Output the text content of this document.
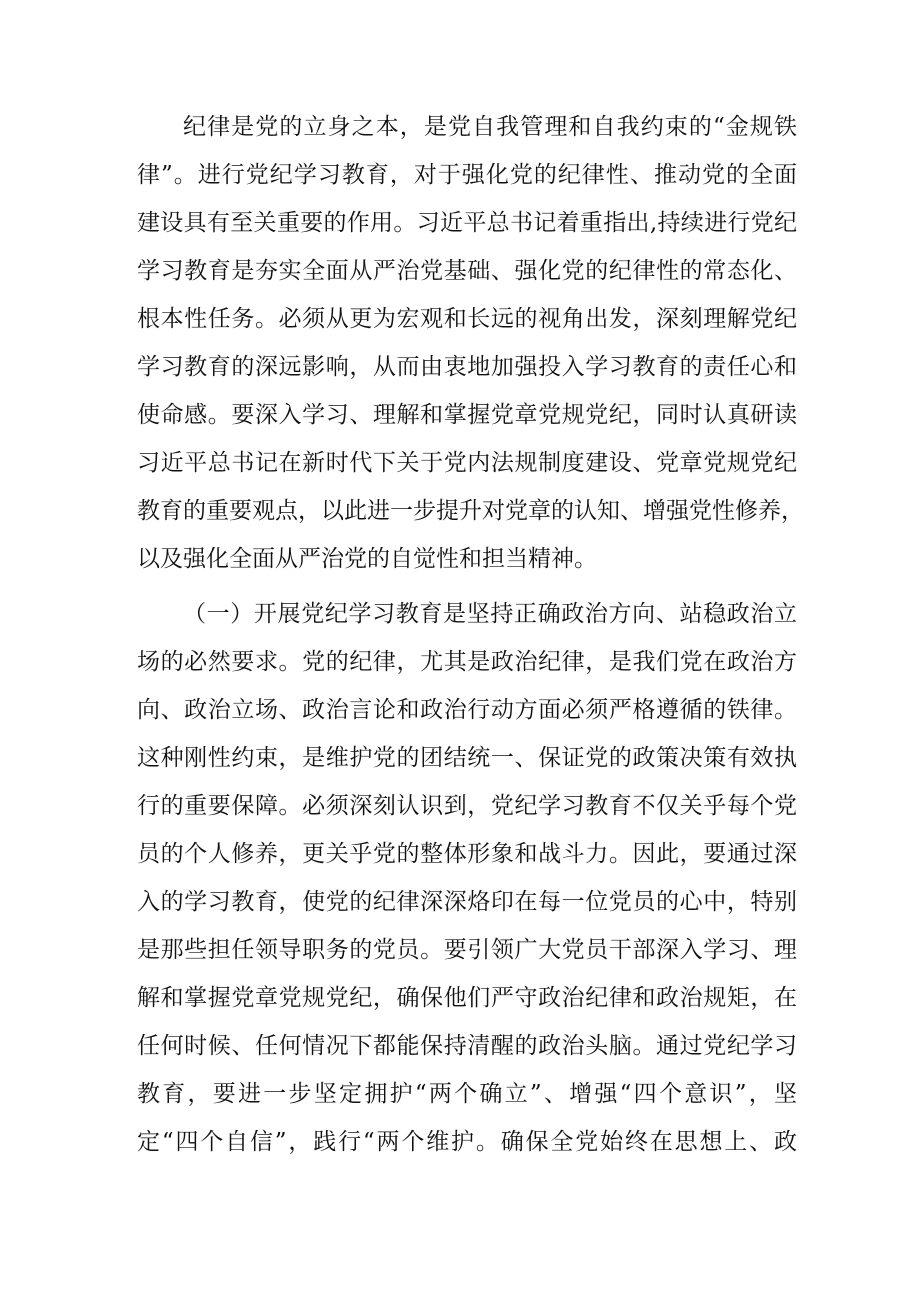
纪律是党的立身之本，是党自我管理和自我约束的“金规铁
律”。进行党纪学习教育，对于强化党的纪律性、推动党的全面
建设具有至关重要的作用。习近平总书记着重指出,持续进行党纪
学习教育是夯实全面从严治党基础、强化党的纪律性的常态化、
根本性任务。必须从更为宏观和长远的视角出发，深刻理解党纪
学习教育的深远影响，从而由衷地加强投入学习教育的责任心和
使命感。要深入学习、理解和掌握党章党规党纪，同时认真研读
习近平总书记在新时代下关于党内法规制度建设、党章党规党纪
教育的重要观点，以此进一步提升对党章的认知、增强党性修养，
以及强化全面从严治党的自觉性和担当精神。
（一）开展党纪学习教育是坚持正确政治方向、站稳政治立
场的必然要求。党的纪律，尤其是政治纪律，是我们党在政治方
向、政治立场、政治言论和政治行动方面必须严格遵循的铁律。
这种刚性约束，是维护党的团结统一、保证党的政策决策有效执
行的重要保障。必须深刻认识到，党纪学习教育不仅关乎每个党
员的个人修养，更关乎党的整体形象和战斗力。因此，要通过深
入的学习教育，使党的纪律深深烙印在每一位党员的心中，特别
是那些担任领导职务的党员。要引领广大党员干部深入学习、理
解和掌握党章党规党纪，确保他们严守政治纪律和政治规矩，在
任何时候、任何情况下都能保持清醒的政治头脑。通过党纪学习
教育，要进一步坚定拥护“两个确立”、增强“四个意识”，坚
定“四个自信”，践行“两个维护。确保全党始终在思想上、政
